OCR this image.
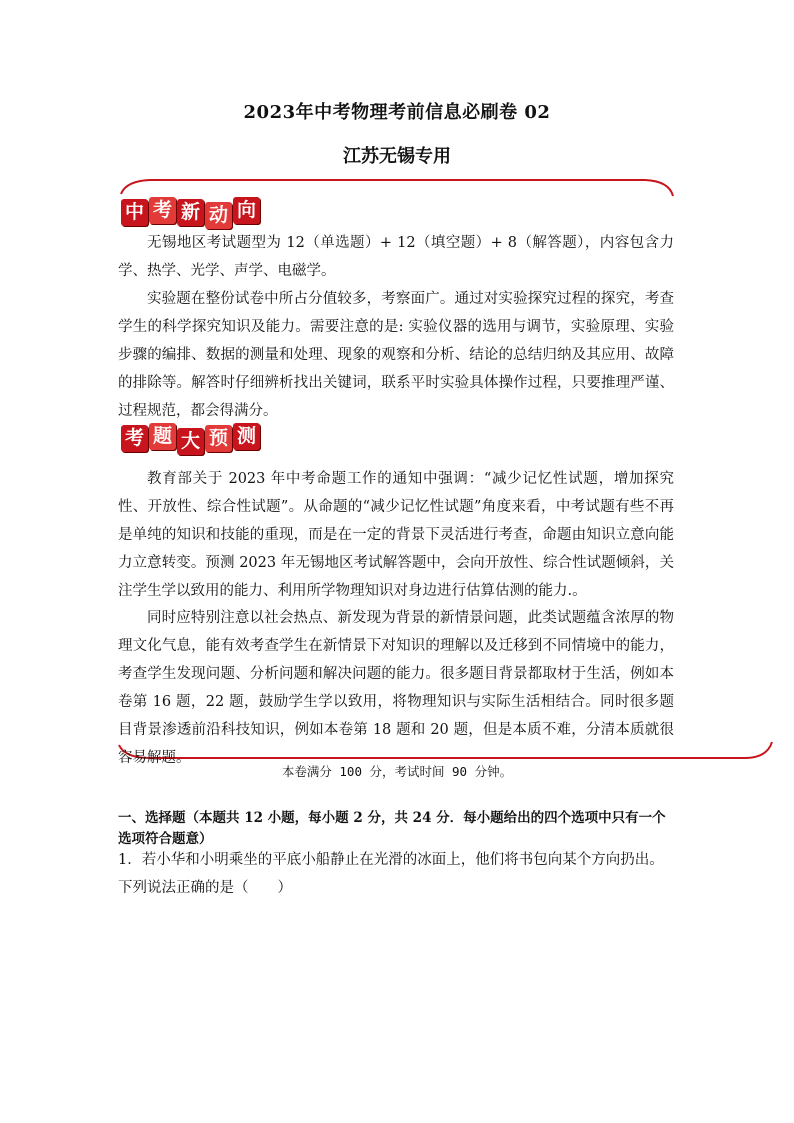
2023年中考物理考前信息必刷卷 02
江苏无锡专用
中 考 新 动 向

无锡地区考试题型为 12（单选题）+ 12（填空题）+ 8（解答题），内容包含力学、热学、光学、声学、电磁学。

实验题在整份试卷中所占分值较多，考察面广。通过对实验探究过程的探究，考查学生的科学探究知识及能力。需要注意的是: 实验仪器的选用与调节，实验原理、实验步骤的编排、数据的测量和处理、现象的观察和分析、结论的总结归纳及其应用、故障的排除等。解答时仔细辨析找出关键词，联系平时实验具体操作过程，只要推理严谨、过程规范，都会得满分。

考 题 大 预 测

教育部关于 2023 年中考命题工作的通知中强调：“减少记忆性试题，增加探究性、开放性、综合性试题”。从命题的“减少记忆性试题”角度来看，中考试题有些不再是单纯的知识和技能的重现，而是在一定的背景下灵活进行考查，命题由知识立意向能力立意转变。预测 2023 年无锡地区考试解答题中，会向开放性、综合性试题倾斜，关注学生学以致用的能力、利用所学物理知识对身边进行估算估测的能力.。

同时应特别注意以社会热点、新发现为背景的新情景问题，此类试题蕴含浓厚的物理文化气息，能有效考查学生在新情景下对知识的理解以及迁移到不同情境中的能力，考查学生发现问题、分析问题和解决问题的能力。很多题目背景都取材于生活，例如本卷第 16 题，22 题，鼓励学生学以致用，将物理知识与实际生活相结合。同时很多题目背景渗透前沿科技知识，例如本卷第 18 题和 20 题，但是本质不难，分清本质就很容易解题。

本卷满分 100 分，考试时间 90 分钟。
一、选择题（本题共 12 小题，每小题 2 分，共 24 分．每小题给出的四个选项中只有一个选项符合题意）

1．若小华和小明乘坐的平底小船静止在光滑的冰面上，他们将书包向某个方向扔出。下列说法正确的是（　　）
